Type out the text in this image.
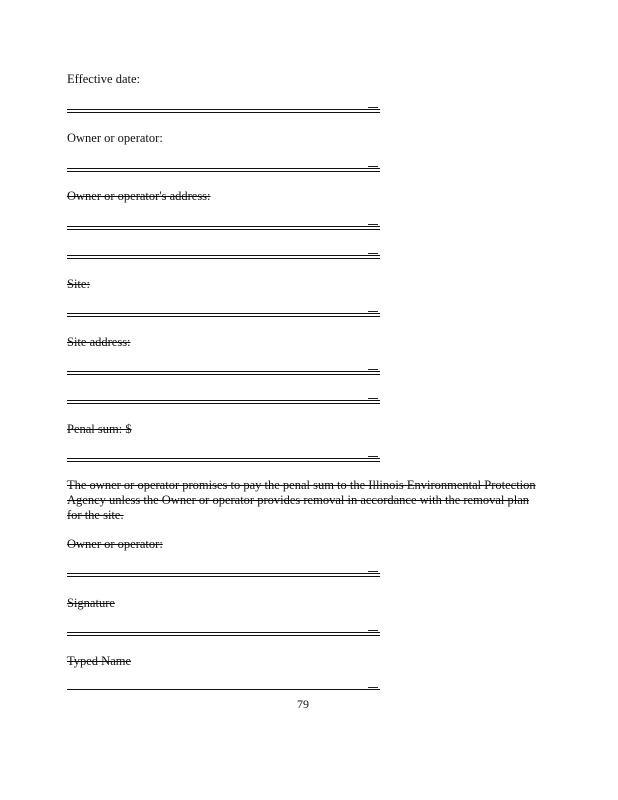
Effective date:
Owner or operator:
Owner or operator's address:
Site:
Site address:
Penal sum: $
The owner or operator promises to pay the penal sum to the Illinois Environmental Protection Agency unless the Owner or operator provides removal in accordance with the removal plan for the site.
Owner or operator:
Signature
Typed Name
79
